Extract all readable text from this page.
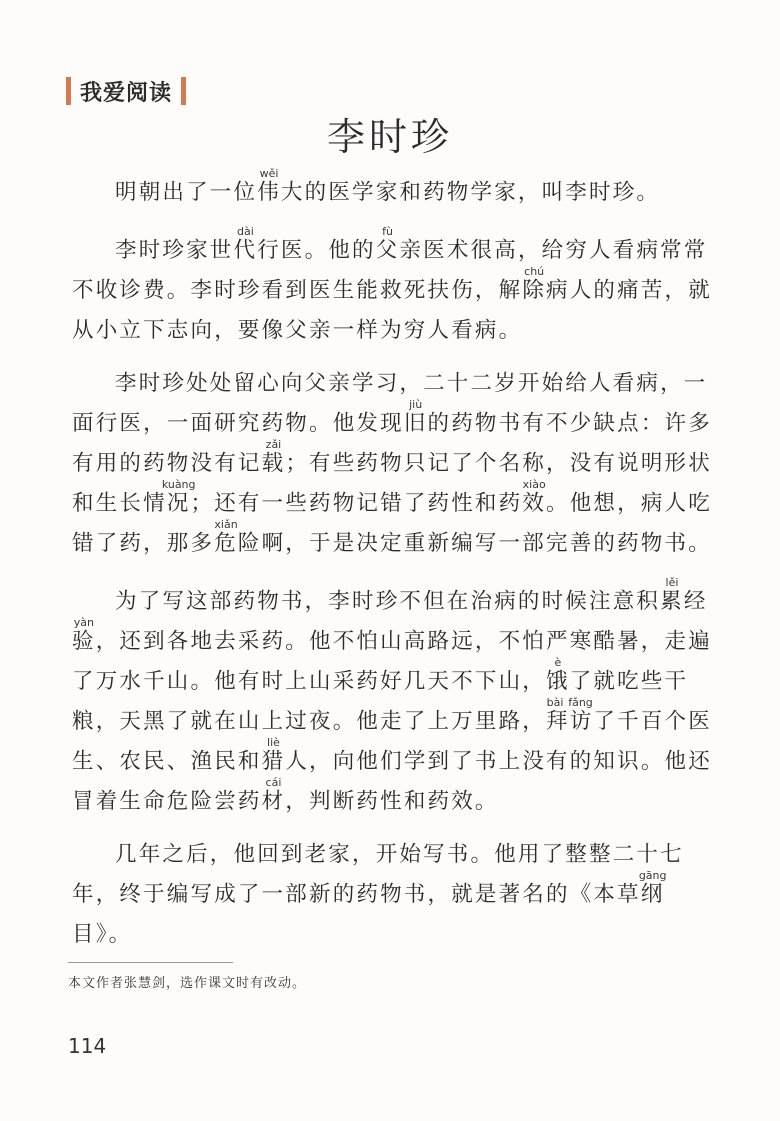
我爱阅读
李时珍

明朝出了一位伟wěi大的医学家和药物学家，叫李时珍。

李时珍家世代dài行医。他的父fù亲医术很高，给穷人看病常常不收诊费。李时珍看到医生能救死扶伤，解除chú病人的痛苦，就从小立下志向，要像父亲一样为穷人看病。

李时珍处处留心向父亲学习，二十二岁开始给人看病，一面行医，一面研究药物。他发现旧jiù的药物书有不少缺点：许多有用的药物没有记载zǎi；有些药物只记了个名称，没有说明形状和生长情况kuàng；还有一些药物记错了药性和药效xiào。他想，病人吃错了药，那多危xiǎn险啊，于是决定重新编写一部完善的药物书。

为了写这部药物书，李时珍不但在治病的时候注意积累lěi经验yàn，还到各地去采药。他不怕山高路远，不怕严寒酷暑，走遍了万水千山。他有时上山采药好几天不下山，饿è了就吃些干粮，天黑了就在山上过夜。他走了上万里路，拜访bài fǎng了千百个医生、农民、渔民和猎liè人，向他们学到了书上没有的知识。他还冒着生命危险尝药材cái，判断药性和药效。

几年之后，他回到老家，开始写书。他用了整整二十七年，终于编写成了一部新的药物书，就是著名的《本草纲gāng目》。

本文作者张慧剑，选作课文时有改动。
114
